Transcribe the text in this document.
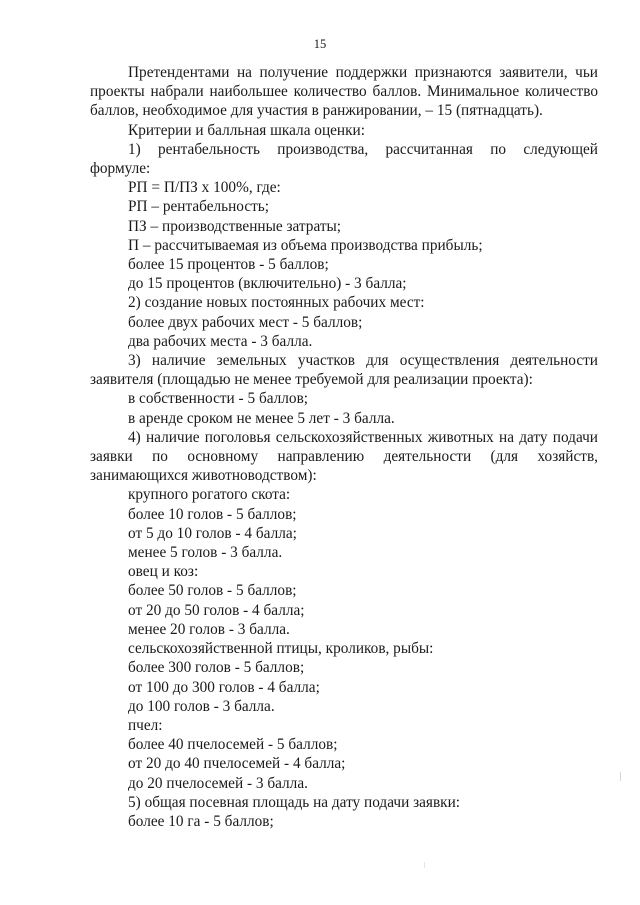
15

Претендентами на получение поддержки признаются заявители, чьи проекты набрали наибольшее количество баллов. Минимальное количество баллов, необходимое для участия в ранжировании, – 15 (пятнадцать).

Критерии и балльная шкала оценки:

1) рентабельность производства, рассчитанная по следующей

формуле:

РП = П/ПЗ х 100%, где:

РП – рентабельность;

ПЗ – производственные затраты;

П – рассчитываемая из объема производства прибыль;

более 15 процентов - 5 баллов;

до 15 процентов (включительно) - 3 балла;

2) создание новых постоянных рабочих мест:

более двух рабочих мест - 5 баллов;

два рабочих места - 3 балла.

3) наличие земельных участков для осуществления деятельности заявителя (площадью не менее требуемой для реализации проекта):

в собственности - 5 баллов;

в аренде сроком не менее 5 лет - 3 балла.

4) наличие поголовья сельскохозяйственных животных на дату подачи заявки по основному направлению деятельности (для хозяйств, занимающихся животноводством):

крупного рогатого скота:

более 10 голов - 5 баллов;

от 5 до 10 голов - 4 балла;

менее 5 голов - 3 балла.

овец и коз:

более 50 голов - 5 баллов;

от 20 до 50 голов - 4 балла;

менее 20 голов - 3 балла.

сельскохозяйственной птицы, кроликов, рыбы:

более 300 голов - 5 баллов;

от 100 до 300 голов - 4 балла;

до 100 голов - 3 балла.

пчел:

более 40 пчелосемей - 5 баллов;

от 20 до 40 пчелосемей - 4 балла;

до 20 пчелосемей - 3 балла.

5) общая посевная площадь на дату подачи заявки:

более 10 га - 5 баллов;
